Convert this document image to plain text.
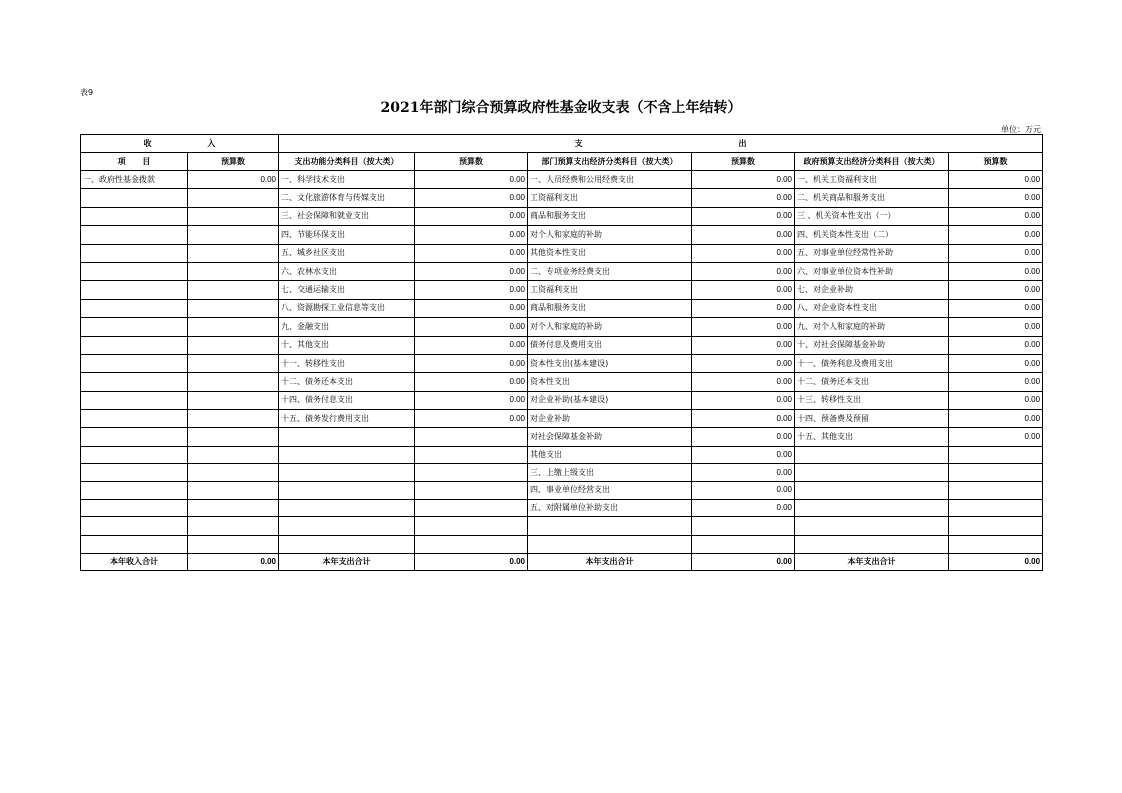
表9
2021年部门综合预算政府性基金收支表（不含上年结转）
单位：万元
收                    入		支                                                        出					
项      目	预算数	支出功能分类科目（按大类）	预算数	部门预算支出经济分类科目（按大类）	预算数	政府预算支出经济分类科目（按大类）	预算数
一、政府性基金拨款	0.00	一、科学技术支出	0.00	一、人员经费和公用经费支出	0.00	一、机关工资福利支出	0.00
		二、文化旅游体育与传媒支出	0.00	工资福利支出	0.00	二、机关商品和服务支出	0.00
		三、社会保障和就业支出	0.00	商品和服务支出	0.00	三 、机关资本性支出（一）	0.00
		四、节能环保支出	0.00	对个人和家庭的补助	0.00	四、机关资本性支出（二）	0.00
		五、城乡社区支出	0.00	其他资本性支出	0.00	五、对事业单位经常性补助	0.00
		六、农林水支出	0.00	二、专项业务经费支出	0.00	六、对事业单位资本性补助	0.00
		七、交通运输支出	0.00	工资福利支出	0.00	七、对企业补助	0.00
		八、资源勘探工业信息等支出	0.00	商品和服务支出	0.00	八、对企业资本性支出	0.00
		九、金融支出	0.00	对个人和家庭的补助	0.00	九、对个人和家庭的补助	0.00
		十、其他支出	0.00	债务付息及费用支出	0.00	十、对社会保障基金补助	0.00
		十一、转移性支出	0.00	资本性支出(基本建设)	0.00	十一、债务利息及费用支出	0.00
		十二、债务还本支出	0.00	资本性支出	0.00	十二、债务还本支出	0.00
		十四、债务付息支出	0.00	对企业补助(基本建设)	0.00	十三、转移性支出	0.00
		十五、债务发行费用支出	0.00	对企业补助	0.00	十四、预备费及预留	0.00
				对社会保障基金补助	0.00	十五、其他支出	0.00
				其他支出	0.00		
				三、上缴上级支出	0.00		
				四、事业单位经营支出	0.00		
				五、对附属单位补助支出	0.00		

本年收入合计	0.00	本年支出合计	0.00	本年支出合计	0.00	本年支出合计	0.00
